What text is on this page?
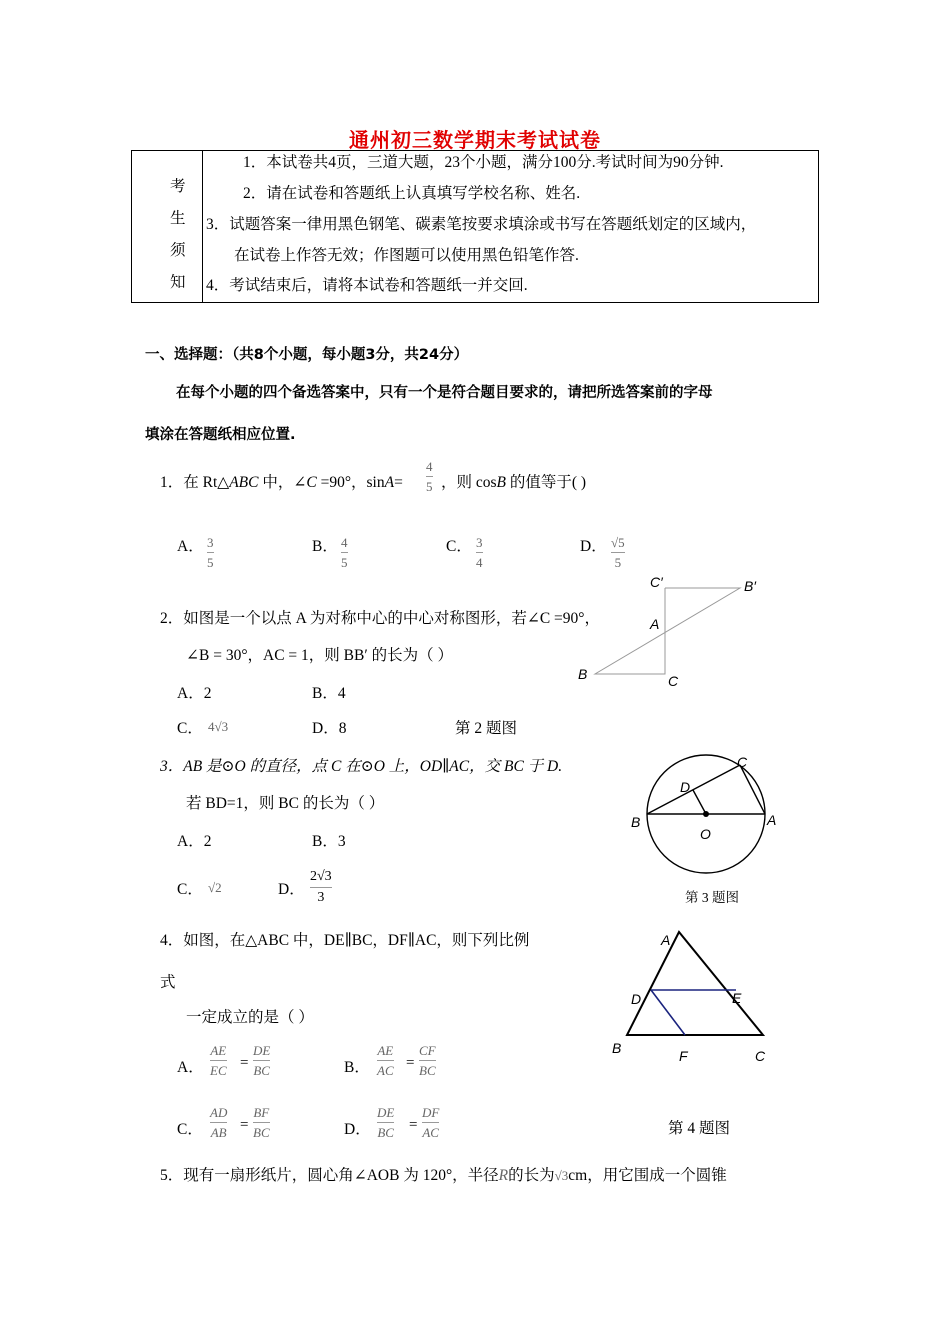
通州初三数学期末考试试卷
考
生
须
知
1．本试卷共4页，三道大题，23个小题，满分100分.考试时间为90分钟.
2．请在试卷和答题纸上认真填写学校名称、姓名.
3．试题答案一律用黑色钢笔、碳素笔按要求填涂或书写在答题纸划定的区域内，
在试卷上作答无效；作图题可以使用黑色铅笔作答.
4．考试结束后，请将本试卷和答题纸一并交回.
一、选择题：（共8个小题，每小题3分，共24分）
在每个小题的四个备选答案中，只有一个是符合题目要求的，请把所选答案前的字母
填涂在答题纸相应位置.
1．在 Rt△ABC 中，∠C =90°，sinA=
4
5 ，则 cosB 的值等于( )
A． 3
5
B． 4
5
C． 3
4
D． √5
5
2．如图是一个以点 A 为对称中心的中心对称图形，若∠C =90°，
∠B = 30°，AC = 1，则 BB′ 的长为（ ）
A．2	B．4
C． 4√3	D．8	第 2 题图
C′	B′
A
B	C
3．AB 是⊙O 的直径，点 C 在⊙O 上，OD∥AC，交 BC 于 D.
若 BD=1，则 BC 的长为（ ）
A．2	B．3
C． √2	D．
2√3
3	第 3 题图
C
D
B	A
O
4．如图，在△ABC 中，DE∥BC，DF∥AC，则下列比例
式
一定成立的是（ ）
A．
AE
EC =
DE
BC	B．
AE
AC =
CF
BC
C．
AD
AB =
BF
BC	D．
DE
BC =
DF
AC	第 4 题图
A
D	E
B	F	C
5．现有一扇形纸片，圆心角∠AOB 为 120°，半径R的长为√3cm，用它围成一个圆锥
